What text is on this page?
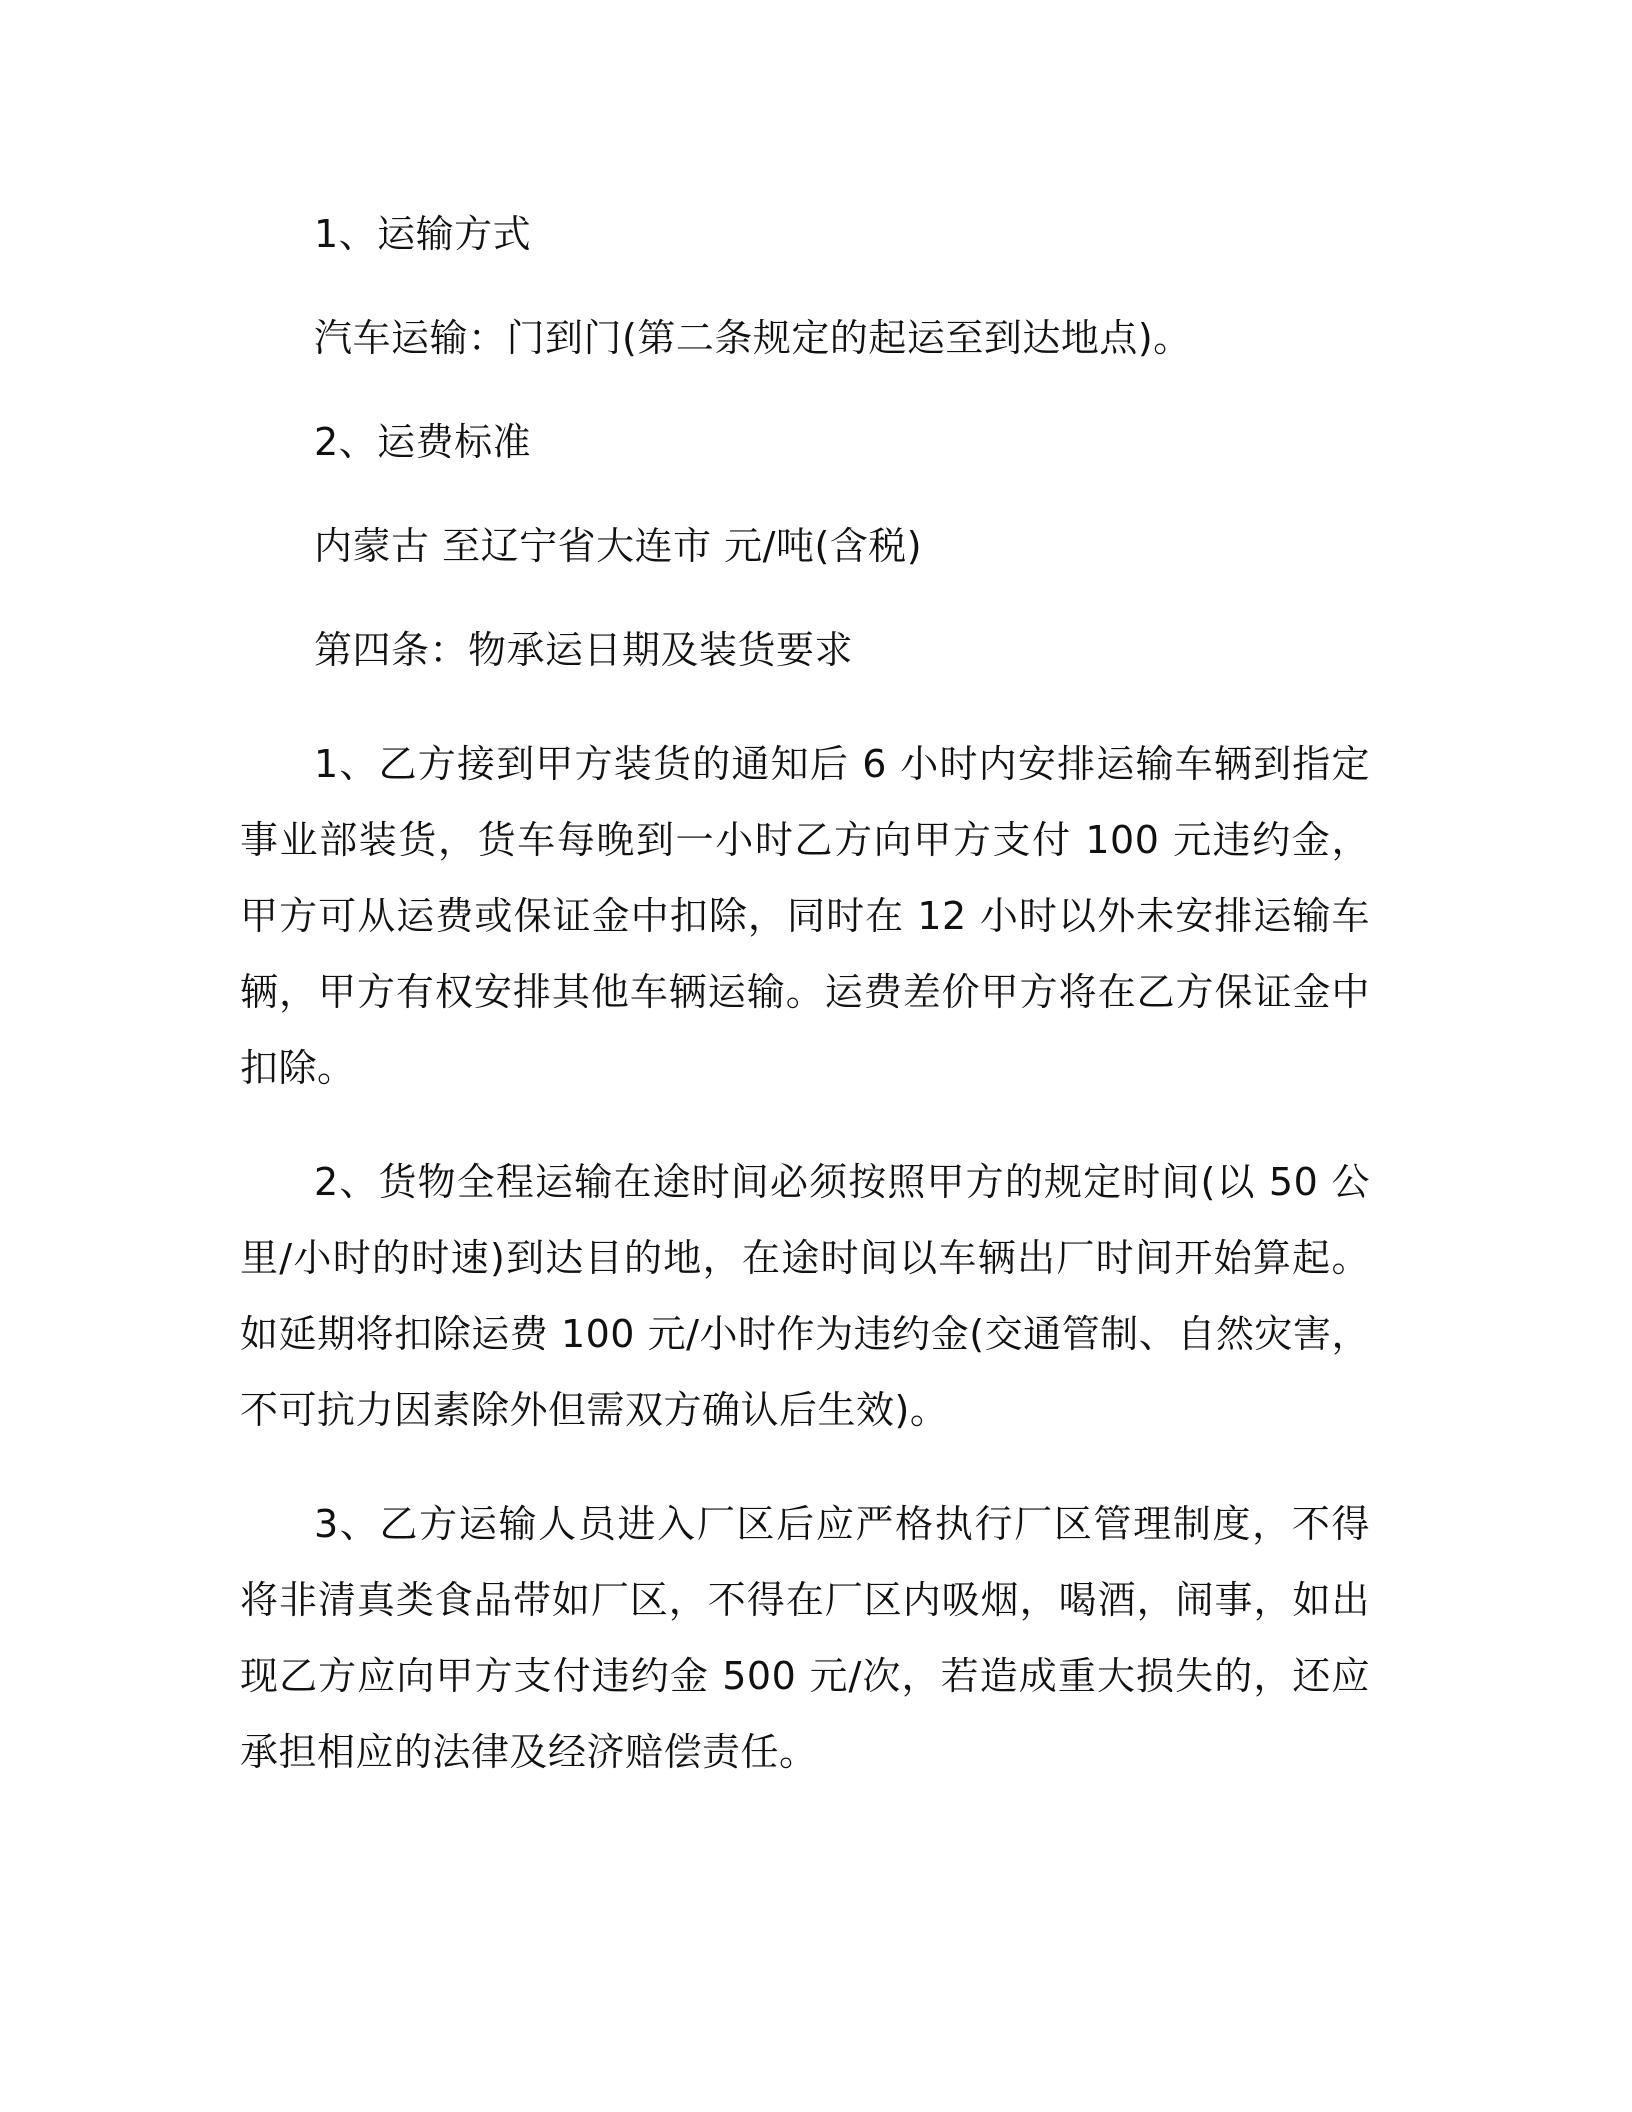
1、运输方式

汽车运输：门到门(第二条规定的起运至到达地点)。

2、运费标准

内蒙古 至辽宁省大连市 元/吨(含税)

第四条：物承运日期及装货要求

1、乙方接到甲方装货的通知后 6 小时内安排运输车辆到指定事业部装货，货车每晚到一小时乙方向甲方支付 100 元违约金，甲方可从运费或保证金中扣除，同时在 12 小时以外未安排运输车辆，甲方有权安排其他车辆运输。运费差价甲方将在乙方保证金中扣除。

2、货物全程运输在途时间必须按照甲方的规定时间(以 50 公里/小时的时速)到达目的地，在途时间以车辆出厂时间开始算起。如延期将扣除运费 100 元/小时作为违约金(交通管制、自然灾害，不可抗力因素除外但需双方确认后生效)。

3、乙方运输人员进入厂区后应严格执行厂区管理制度，不得将非清真类食品带如厂区，不得在厂区内吸烟，喝酒，闹事，如出现乙方应向甲方支付违约金 500 元/次，若造成重大损失的，还应承担相应的法律及经济赔偿责任。
